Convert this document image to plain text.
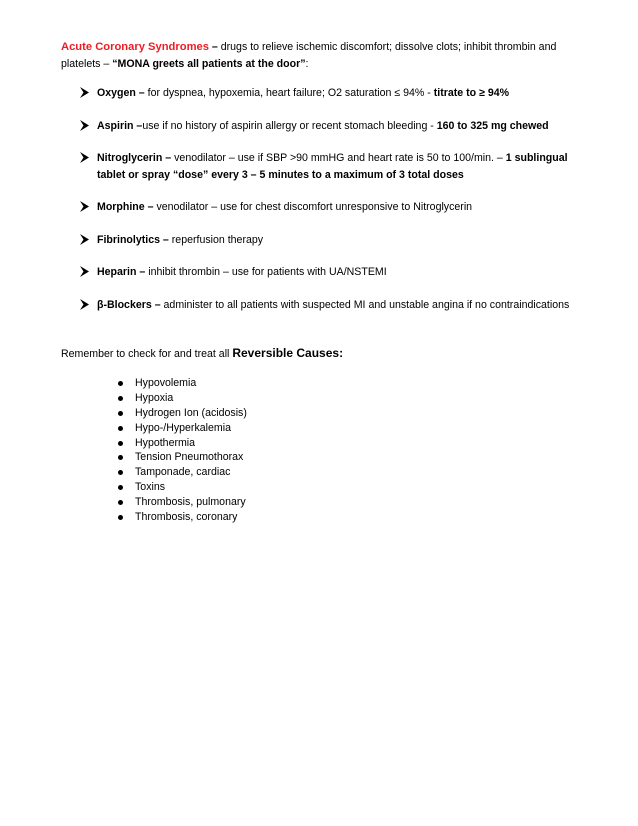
Acute Coronary Syndromes – drugs to relieve ischemic discomfort; dissolve clots; inhibit thrombin and platelets – “MONA greets all patients at the door”:

Oxygen – for dyspnea, hypoxemia, heart failure; O2 saturation ≤ 94% - titrate to ≥ 94%
Aspirin –use if no history of aspirin allergy or recent stomach bleeding - 160 to 325 mg chewed
Nitroglycerin – venodilator – use if SBP >90 mmHG and heart rate is 50 to 100/min. – 1 sublingual tablet or spray “dose” every 3 – 5 minutes to a maximum of 3 total doses
Morphine – venodilator – use for chest discomfort unresponsive to Nitroglycerin
Fibrinolytics – reperfusion therapy
Heparin – inhibit thrombin – use for patients with UA/NSTEMI
β-Blockers – administer to all patients with suspected MI and unstable angina if no contraindications

Remember to check for and treat all Reversible Causes:

Hypovolemia
Hypoxia
Hydrogen Ion (acidosis)
Hypo-/Hyperkalemia
Hypothermia
Tension Pneumothorax
Tamponade, cardiac
Toxins
Thrombosis, pulmonary
Thrombosis, coronary
